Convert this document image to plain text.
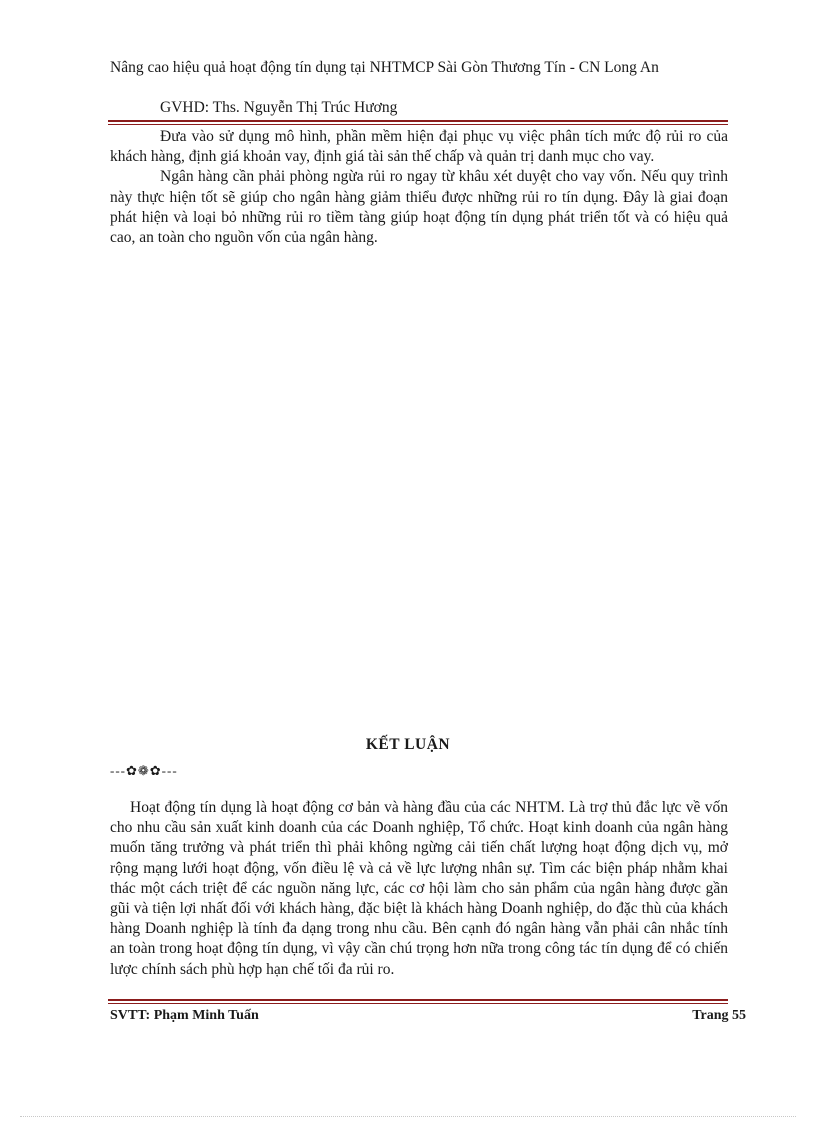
Nâng cao hiệu quả hoạt động tín dụng tại NHTMCP Sài Gòn Thương Tín - CN Long An
GVHD: Ths. Nguyễn Thị Trúc Hương

Đưa vào sử dụng mô hình, phần mềm hiện đại phục vụ việc phân tích mức độ rủi ro của khách hàng, định giá khoản vay, định giá tài sản thế chấp và quản trị danh mục cho vay.

Ngân hàng cần phải phòng ngừa rủi ro ngay từ khâu xét duyệt cho vay vốn. Nếu quy trình này thực hiện tốt sẽ giúp cho ngân hàng giảm thiểu được những rủi ro tín dụng. Đây là giai đoạn phát hiện và loại bỏ những rủi ro tiềm tàng giúp hoạt động tín dụng phát triển tốt và có hiệu quả cao, an toàn cho nguồn vốn của ngân hàng.

KẾT LUẬN
---✿❁✿---

Hoạt động tín dụng là hoạt động cơ bản và hàng đầu của các NHTM. Là trợ thủ đắc lực về vốn cho nhu cầu sản xuất kinh doanh của các Doanh nghiệp, Tổ chức. Hoạt kinh doanh của ngân hàng muốn tăng trưởng và phát triển thì phải không ngừng cải tiến chất lượng hoạt động dịch vụ, mở rộng mạng lưới hoạt động, vốn điều lệ và cả về lực lượng nhân sự. Tìm các biện pháp nhằm khai thác một cách triệt để các nguồn năng lực, các cơ hội làm cho sản phẩm của ngân hàng được gần gũi và tiện lợi nhất đối với khách hàng, đặc biệt là khách hàng Doanh nghiệp, do đặc thù của khách hàng Doanh nghiệp là tính đa dạng trong nhu cầu. Bên cạnh đó ngân hàng vẫn phải cân nhắc tính an toàn trong hoạt động tín dụng, vì vậy cần chú trọng hơn nữa trong công tác tín dụng để có chiến lược chính sách phù hợp hạn chế tối đa rủi ro.

SVTT: Phạm Minh Tuấn	Trang 55
